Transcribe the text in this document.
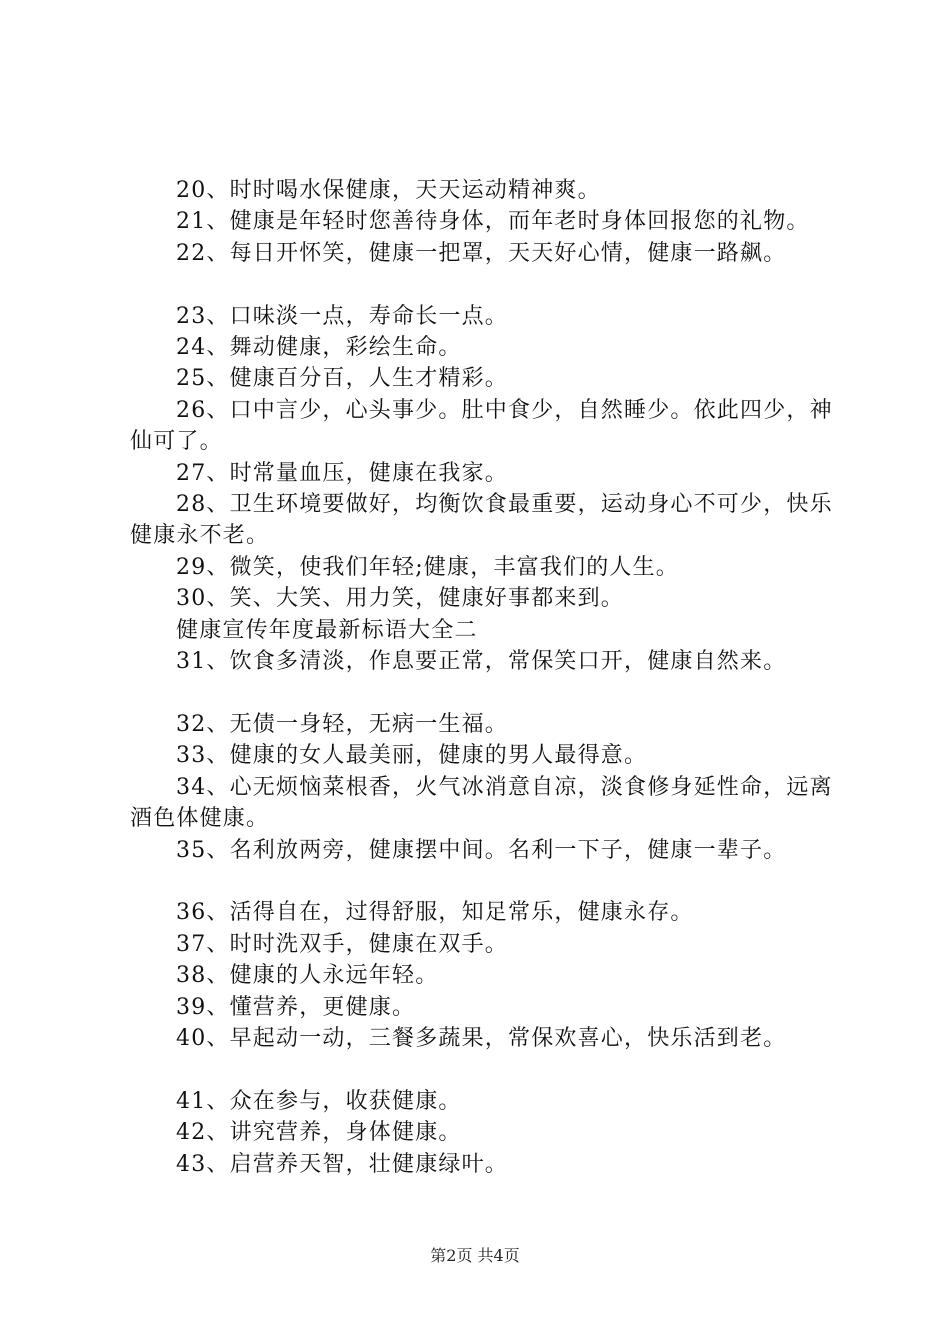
20、时时喝水保健康，天天运动精神爽。

21、健康是年轻时您善待身体，而年老时身体回报您的礼物。

22、每日开怀笑，健康一把罩，天天好心情，健康一路飙。

23、口味淡一点，寿命长一点。

24、舞动健康，彩绘生命。

25、健康百分百，人生才精彩。

26、口中言少，心头事少。肚中食少，自然睡少。依此四少，神仙可了。

27、时常量血压，健康在我家。

28、卫生环境要做好，均衡饮食最重要，运动身心不可少，快乐健康永不老。

29、微笑，使我们年轻;健康，丰富我们的人生。

30、笑、大笑、用力笑，健康好事都来到。

健康宣传年度最新标语大全二

31、饮食多清淡，作息要正常，常保笑口开，健康自然来。

32、无债一身轻，无病一生福。

33、健康的女人最美丽，健康的男人最得意。

34、心无烦恼菜根香，火气冰消意自凉，淡食修身延性命，远离酒色体健康。

35、名利放两旁，健康摆中间。名利一下子，健康一辈子。

36、活得自在，过得舒服，知足常乐，健康永存。

37、时时洗双手，健康在双手。

38、健康的人永远年轻。

39、懂营养，更健康。

40、早起动一动，三餐多蔬果，常保欢喜心，快乐活到老。

41、众在参与，收获健康。

42、讲究营养，身体健康。

43、启营养天智，壮健康绿叶。

第2页 共4页
